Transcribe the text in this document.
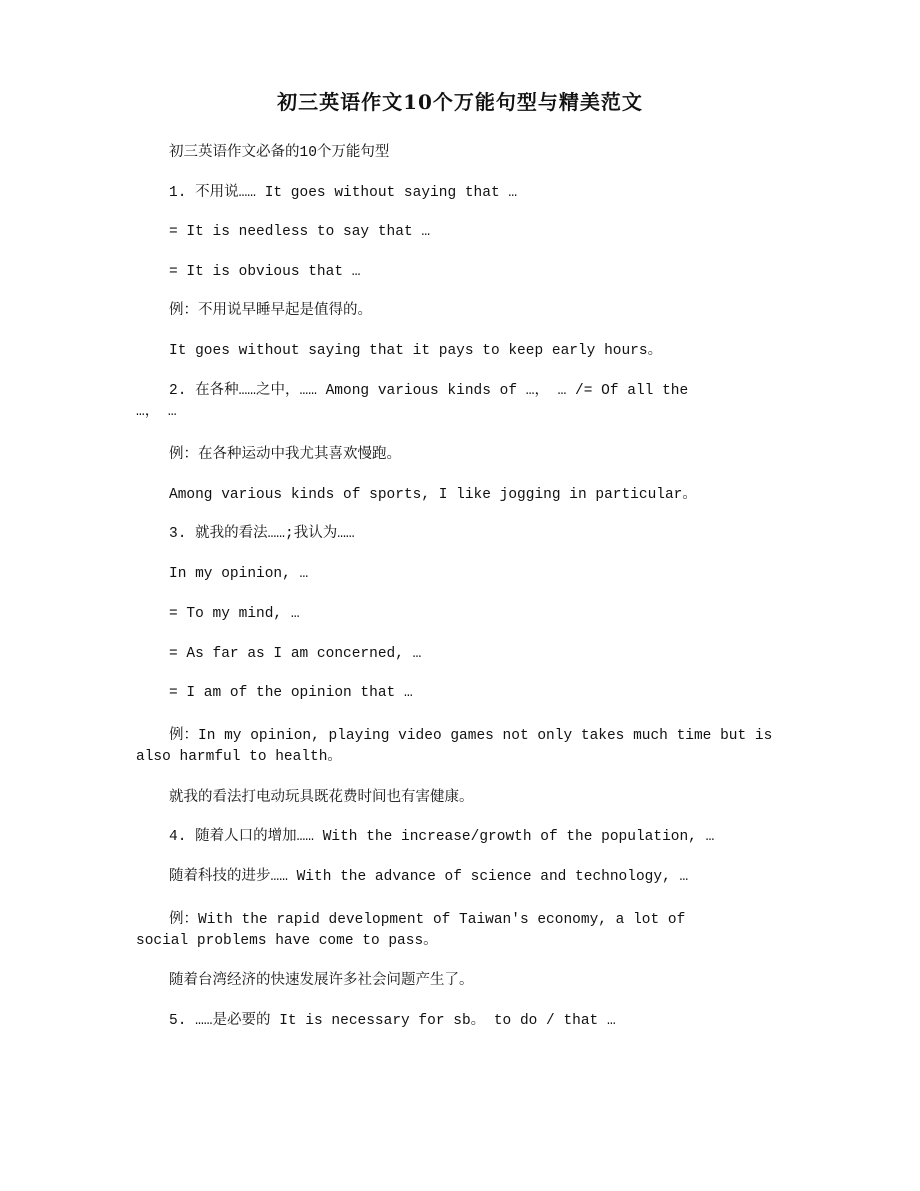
初三英语作文10个万能句型与精美范文

初三英语作文必备的10个万能句型

1. 不用说…… It goes without saying that …

= It is needless to say that …

= It is obvious that …

例：不用说早睡早起是值得的。

It goes without saying that it pays to keep early hours。

2. 在各种……之中，…… Among various kinds of …， … /= Of all the …， …

例：在各种运动中我尤其喜欢慢跑。

Among various kinds of sports, I like jogging in particular。

3. 就我的看法……;我认为……

In my opinion, …

= To my mind, …

= As far as I am concerned, …

= I am of the opinion that …

例：In my opinion, playing video games not only takes much time but is also harmful to health。

就我的看法打电动玩具既花费时间也有害健康。

4. 随着人口的增加…… With the increase/growth of the population, …

随着科技的进步…… With the advance of science and technology, …

例：With the rapid development of Taiwan's economy, a lot of social problems have come to pass。

随着台湾经济的快速发展许多社会问题产生了。

5. ……是必要的 It is necessary for sb。 to do / that …
